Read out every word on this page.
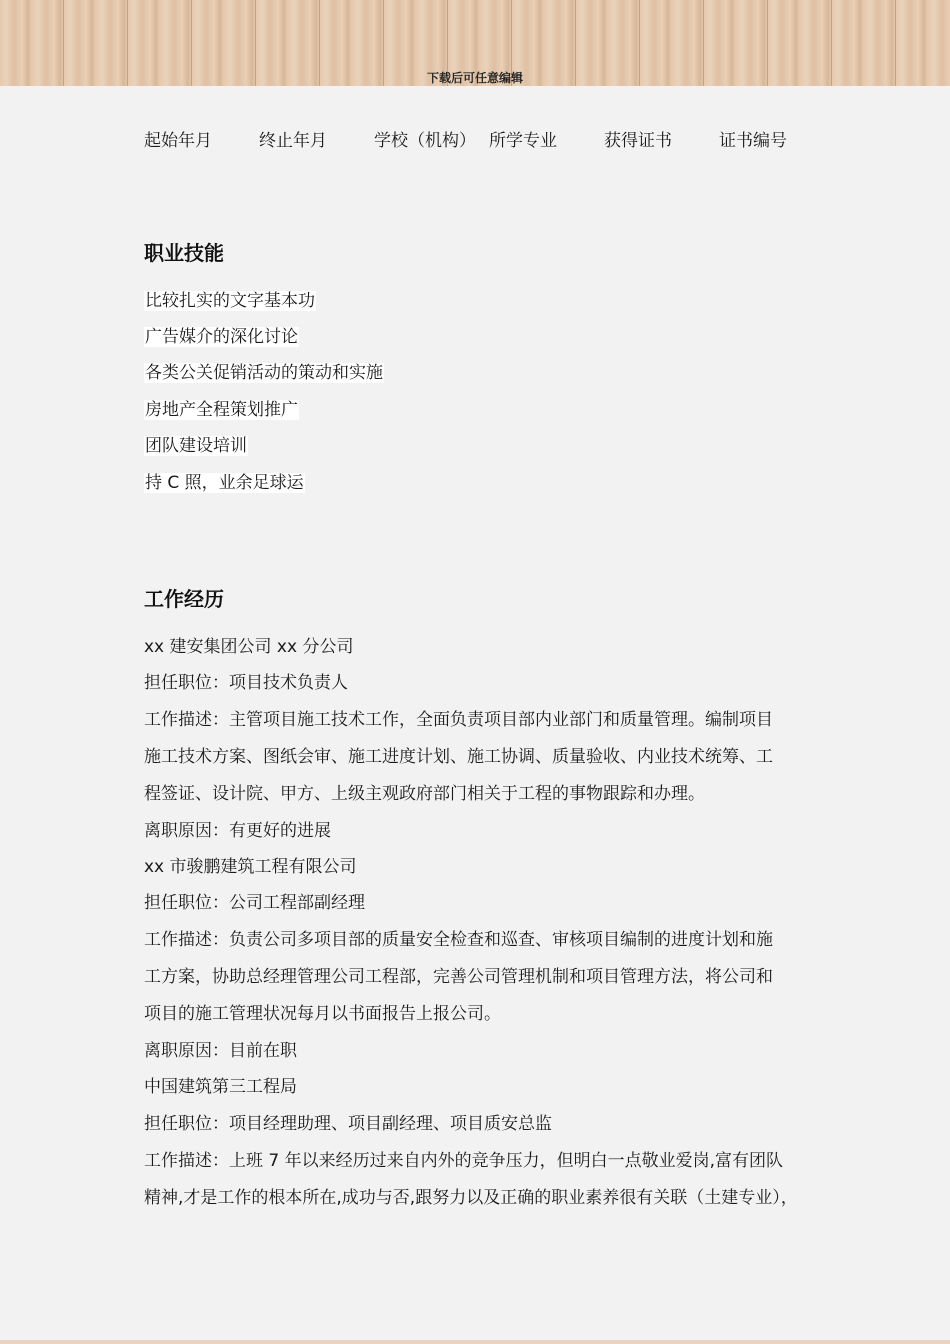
下载后可任意编辑
起始年月	终止年月	学校（机构） 所学专业	获得证书	证书编号
职业技能
比较扎实的文字基本功
广告媒介的深化讨论
各类公关促销活动的策动和实施
房地产全程策划推广
团队建设培训
持 C 照，业余足球运
工作经历
xx 建安集团公司 xx 分公司
担任职位：项目技术负责人
工作描述：主管项目施工技术工作，全面负责项目部内业部门和质量管理。编制项目
施工技术方案、图纸会审、施工进度计划、施工协调、质量验收、内业技术统筹、工
程签证、设计院、甲方、上级主观政府部门相关于工程的事物跟踪和办理。
离职原因：有更好的进展
xx 市骏鹏建筑工程有限公司
担任职位：公司工程部副经理
工作描述：负责公司多项目部的质量安全检查和巡查、审核项目编制的进度计划和施
工方案，协助总经理管理公司工程部，完善公司管理机制和项目管理方法，将公司和
项目的施工管理状况每月以书面报告上报公司。
离职原因：目前在职
中国建筑第三工程局
担任职位：项目经理助理、项目副经理、项目质安总监
工作描述：上班 7 年以来经历过来自内外的竞争压力，但明白一点敬业爱岗,富有团队
精神,才是工作的根本所在,成功与否,跟努力以及正确的职业素养很有关联（土建专业），
